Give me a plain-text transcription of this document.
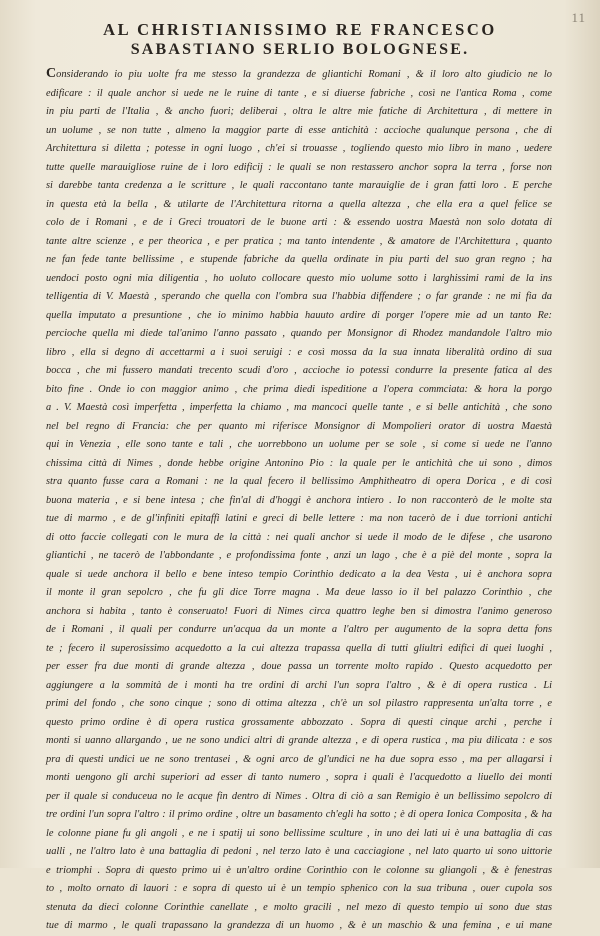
11
AL CHRISTIANISSIMO RE FRANCESCO
SABASTIANO SERLIO BOLOGNESE.
Considerando io piu uolte fra me stesso la grandezza de gliantichi Romani , & il loro alto giudicio ne lo
edificare : il quale anchor si uede ne le ruine di tante , e si diuerse fabriche , così ne l'antica Roma , come
in piu parti de l'Italia , & ancho fuori; deliberai , oltra le altre mie fatiche di Architettura , di mettere in
un uolume , se non tutte , almeno la maggior parte di esse antichità : accioche qualunque persona , che di
Architettura si diletta ; potesse in ogni luogo , ch'ei si trouasse , togliendo questo mio libro in mano , uedere
tutte quelle marauigliose ruine de i loro edificij : le quali se non restassero anchor sopra la terra , forse non
si darebbe tanta credenza a le scritture , le quali raccontano tante marauiglie de i gran fatti loro . E perche
in questa età la bella , & utilarte de l'Architettura ritorna a quella altezza , che ella era a quel felice se
colo de i Romani , e de i Greci trouatori de le buone arti : & essendo uostra Maestà non solo dotata di
tante altre scienze , e per theorica , e per pratica ; ma tanto intendente , & amatore de l'Architettura , quanto
ne fan fede tante bellissime , e stupende fabriche da quella ordinate in piu parti del suo gran regno ; ha
uendoci posto ogni mia diligentia , ho uoluto collocare questo mio uolume sotto i larghissimi rami de la ins
telligentia di V. Maestà , sperando che quella con l'ombra sua l'habbia diffendere ; o far grande : ne mi fia da
quella imputato a presuntione , che io minimo habbia hauuto ardire di porger l'opere mie ad un tanto Re:
percioche quella mi diede tal'animo l'anno passato , quando per Monsignor di Rhodez mandandole l'altro mio
libro , ella si degno di accettarmi a i suoi seruigi : e così mossa da la sua innata liberalità ordino di sua
bocca , che mi fussero mandati trecento scudi d'oro , accioche io potessi condurre la presente fatica al des
bito fine . Onde io con maggior animo , che prima diedi ispeditione a l'opera commciata: & hora la porgo
a . V. Maestà così imperfetta , imperfetta la chiamo , ma mancoci quelle tante , e si belle antichità , che sono
nel bel regno di Francia: che per quanto mi riferisce Monsignor di Mompolieri orator di uostra Maestà
qui in Venezia , elle sono tante e tali , che uorrebbono un uolume per se sole , si come si uede ne l'anno
chissima città di Nimes , donde hebbe origine Antonino Pio : la quale per le antichità che ui sono , dimos
stra quanto fusse cara a Romani : ne la qual fecero il bellissimo Amphitheatro di opera Dorica , e di così
buona materia , e si bene intesa ; che fin'al di d'hoggi è anchora intiero . Io non racconterò de le molte sta
tue di marmo , e de gl'infiniti epitaffi latini e greci di belle lettere : ma non tacerò de i due torrioni antichi
di otto faccie collegati con le mura de la città : nei quali anchor si uede il modo de le difese , che usarono
gliantichi , ne tacerò de l'abbondante , e profondissima fonte , anzi un lago , che è a piè del monte , sopra la
quale si uede anchora il bello e bene inteso tempio Corinthio dedicato a la dea Vesta , ui è anchora sopra
il monte il gran sepolcro , che fu gli dice Torre magna . Ma deue lasso io il bel palazzo Corinthio , che
anchora si habita , tanto è conseruato! Fuori di Nimes circa quattro leghe ben si dimostra l'animo generoso
de i Romani , il quali per condurre un'acqua da un monte a l'altro per augumento de la sopra detta fons
te ; fecero il superosissimo acquedotto a la cui altezza trapassa quella di tutti gliultri edifici di quei luoghi ,
per esser fra due monti di grande altezza , doue passa un torrente molto rapido . Questo acquedotto per
aggiungere a la sommità de i monti ha tre ordini di archi l'un sopra l'altro , & è di opera rustica . Li
primi del fondo , che sono cinque ; sono di ottima altezza , ch'è un sol pilastro rappresenta un'alta torre , e
questo primo ordine è di opera rustica grossamente abbozzato . Sopra di questi cinque archi , perche i
monti si uanno allargando , ue ne sono undici altri di grande altezza , e di opera rustica , ma piu dilicata : e sos
pra di questi undici ue ne sono trentasei , & ogni arco de gl'undici ne ha due sopra esso , ma per allagarsi i
monti uengono gli archi superiori ad esser di tanto numero , sopra i quali è l'acquedotto a liuello dei monti
per il quale si conduceua no le acque fin dentro di Nimes . Oltra di ciò a san Remigio è un bellissimo sepolcro di
tre ordini l'un sopra l'altro : il primo ordine , oltre un basamento ch'egli ha sotto ; è di opera Ionica Composita , & ha
le colonne piane fu gli angoli , e ne i spatij ui sono bellissime sculture , in uno dei lati ui è una battaglia di cas
ualli , ne l'altro lato è una battaglia di pedoni , nel terzo lato è una cacciagione , nel lato quarto ui sono uittorie
e triomphi . Sopra di questo primo ui è un'altro ordine Corinthio con le colonne su gliangoli , & è fenestras
to , molto ornato di lauori : e sopra di questo ui è un tempio sphenico con la sua tribuna , ouer cupola sos
stenuta da dieci colonne Corinthie canellate , e molto gracili , nel mezo di questo tempio ui sono due stas
tue di marmo , le quali trapassano la grandezza di un huomo , & è un maschio & una femina , e ui mane
